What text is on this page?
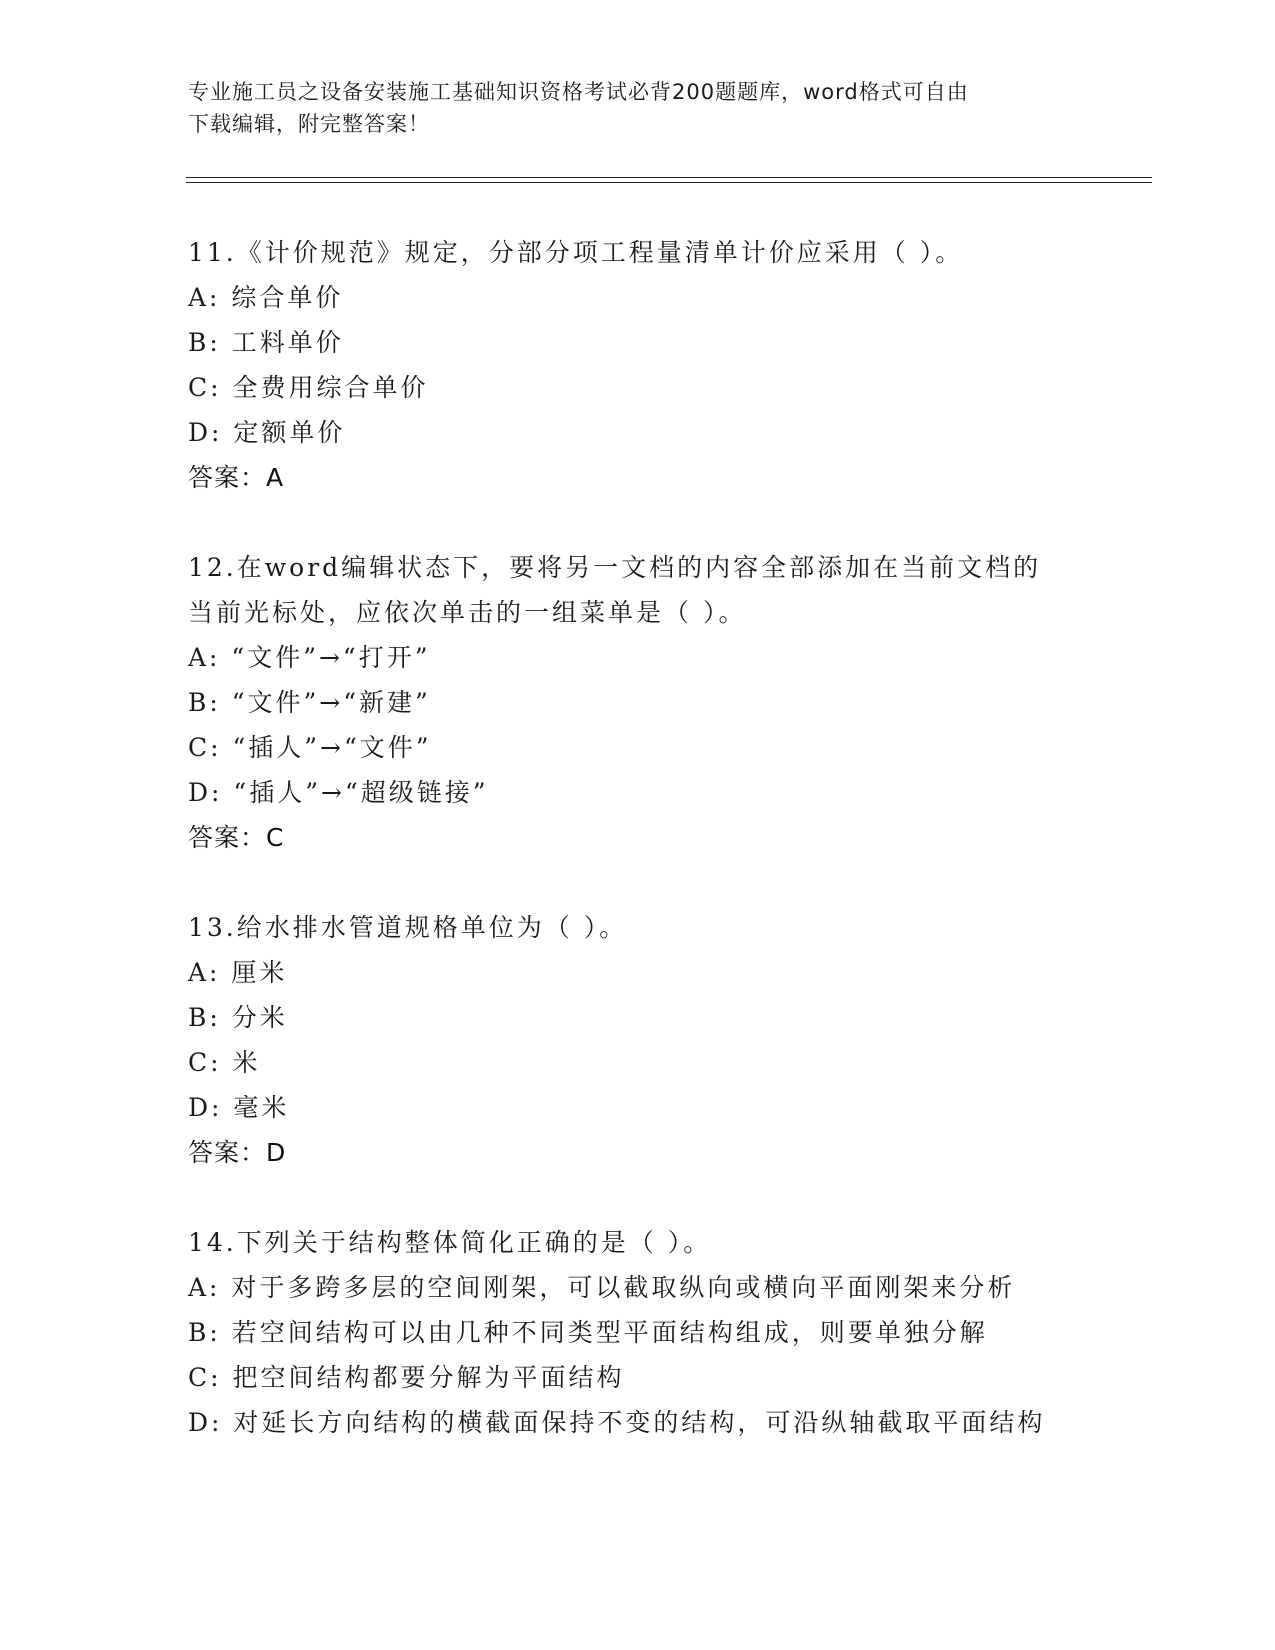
专业施工员之设备安装施工基础知识资格考试必背200题题库，word格式可自由
下载编辑，附完整答案！
11.《计价规范》规定，分部分项工程量清单计价应采用（ ）。
A: 综合单价
B: 工料单价
C: 全费用综合单价
D: 定额单价
答案：A
12.在word编辑状态下，要将另一文档的内容全部添加在当前文档的
当前光标处，应依次单击的一组菜单是（ ）。
A: “文件”→“打开”
B: “文件”→“新建”
C: “插人”→“文件”
D: “插人”→“超级链接”
答案：C
13.给水排水管道规格单位为（ ）。
A: 厘米
B: 分米
C: 米
D: 毫米
答案：D
14.下列关于结构整体简化正确的是（ ）。
A: 对于多跨多层的空间刚架，可以截取纵向或横向平面刚架来分析
B: 若空间结构可以由几种不同类型平面结构组成，则要单独分解
C: 把空间结构都要分解为平面结构
D: 对延长方向结构的横截面保持不变的结构，可沿纵轴截取平面结构
